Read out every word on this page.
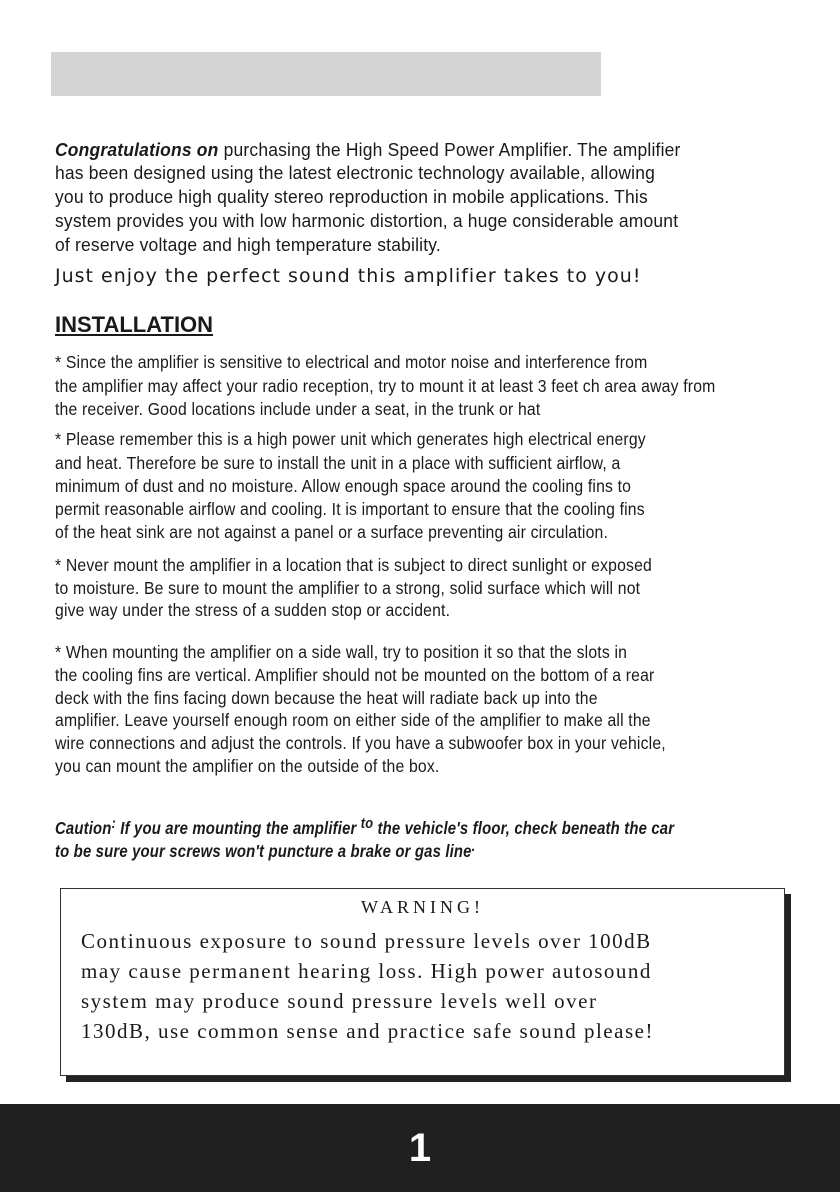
Congratulations on purchasing the High Speed Power Amplifier. The amplifier
has been designed using the latest electronic technology available, allowing
you to produce high quality stereo reproduction in mobile applications. This
system provides you with low harmonic distortion, a huge considerable amount
of reserve voltage and high temperature stability.
Just enjoy the perfect sound this amplifier takes to you!
INSTALLATION
* Since the amplifier is sensitive to electrical and motor noise and interference from
the amplifier may affect your radio reception, try to mount it at least 3 feet ch area away from
the receiver. Good locations include under a seat, in the trunk or hat
* Please remember this is a high power unit which generates high electrical energy
and heat. Therefore be sure to install the unit in a place with sufficient airflow, a
minimum of dust and no moisture. Allow enough space around the cooling fins to
permit reasonable airflow and cooling. It is important to ensure that the cooling fins
of the heat sink are not against a panel or a surface preventing air circulation.
* Never mount the amplifier in a location that is subject to direct sunlight or exposed
to moisture. Be sure to mount the amplifier to a strong, solid surface which will not
give way under the stress of a sudden stop or accident.
* When mounting the amplifier on a side wall, try to position it so that the slots in
the cooling fins are vertical. Amplifier should not be mounted on the bottom of a rear
deck with the fins facing down because the heat will radiate back up into the
amplifier. Leave yourself enough room on either side of the amplifier to make all the
wire connections and adjust the controls. If you have a subwoofer box in your vehicle,
you can mount the amplifier on the outside of the box.
Caution: If you are mounting the amplifier to the vehicle's floor, check beneath the car
to be sure your screws won't puncture a brake or gas line.
WARNING!
Continuous exposure to sound pressure levels over 100dB
may cause permanent hearing loss. High power autosound
system may produce sound pressure levels well over
130dB, use common sense and practice safe sound please!
1
